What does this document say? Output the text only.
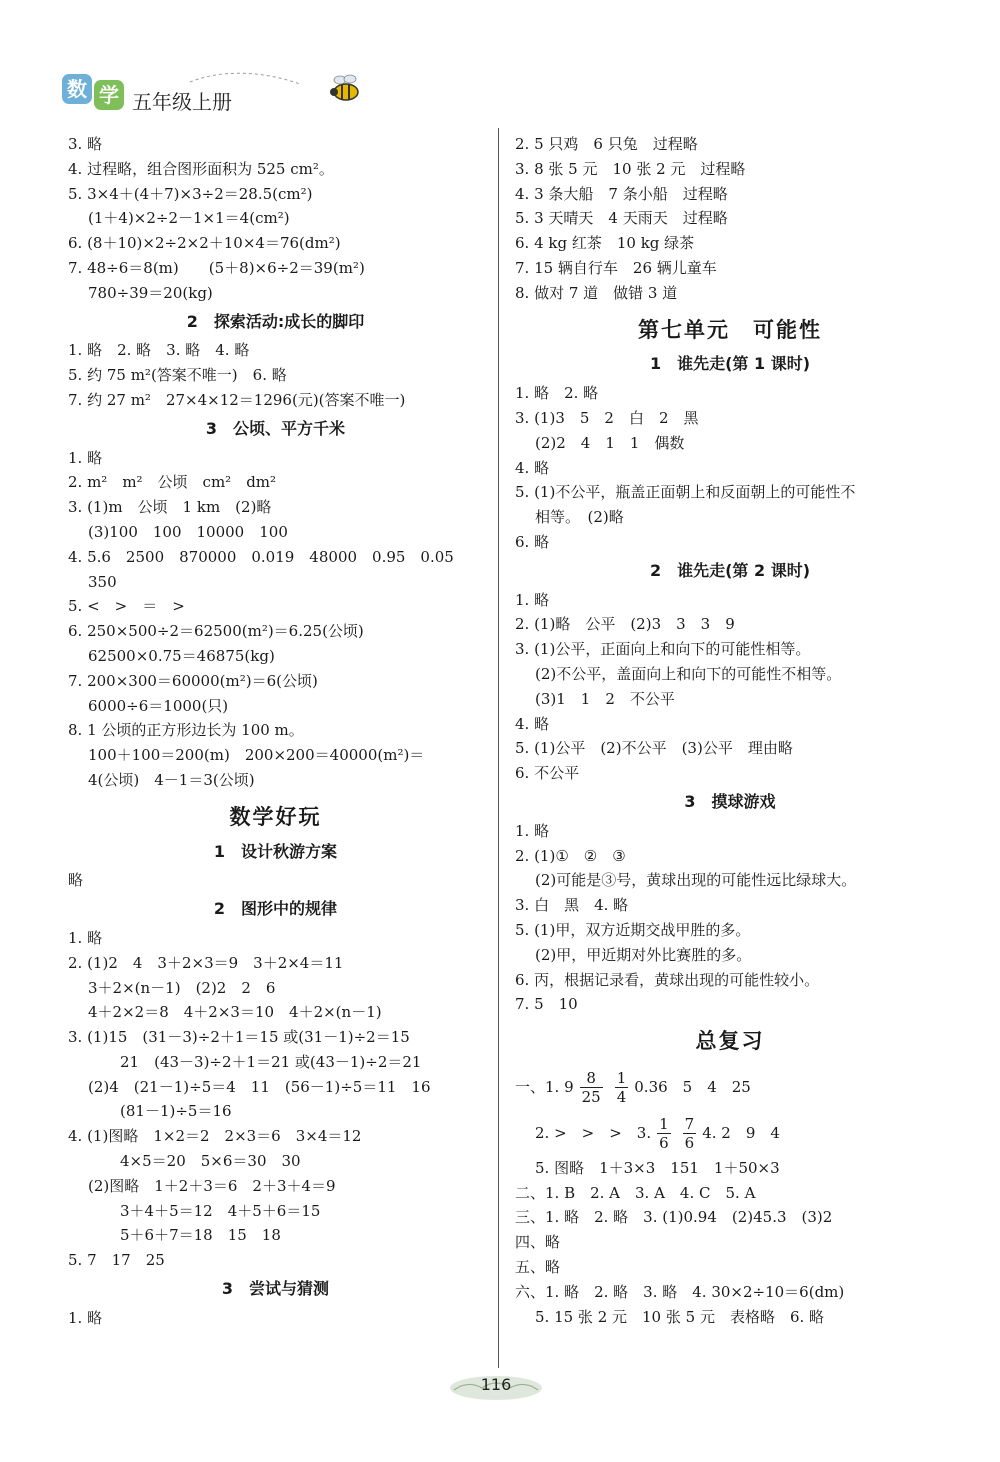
数 学 五年级上册
3. 略
4. 过程略，组合图形面积为 525 cm²。
5. 3×4＋(4＋7)×3÷2＝28.5(cm²)
(1＋4)×2÷2－1×1＝4(cm²)
6. (8＋10)×2÷2×2＋10×4＝76(dm²)
7. 48÷6＝8(m)　　(5＋8)×6÷2＝39(m²)
780÷39＝20(kg)
2　探索活动:成长的脚印
1. 略　2. 略　3. 略　4. 略
5. 约 75 m²(答案不唯一)　6. 略
7. 约 27 m²　27×4×12＝1296(元)(答案不唯一)
3　公顷、平方千米
1. 略
2. m²　m²　公顷　cm²　dm²
3. (1)m　公顷　1 km　(2)略
(3)100　100　10000　100
4. 5.6　2500　870000　0.019　48000　0.95　0.05
350
5. <　>　＝　>
6. 250×500÷2＝62500(m²)＝6.25(公顷)
62500×0.75＝46875(kg)
7. 200×300＝60000(m²)＝6(公顷)
6000÷6＝1000(只)
8. 1 公顷的正方形边长为 100 m。
100＋100＝200(m)　200×200＝40000(m²)＝
4(公顷)　4－1＝3(公顷)
数学好玩
1　设计秋游方案
略
2　图形中的规律
1. 略
2. (1)2　4　3＋2×3＝9　3＋2×4＝11
3＋2×(n－1)　(2)2　2　6
4＋2×2＝8　4＋2×3＝10　4＋2×(n－1)
3. (1)15　(31－3)÷2＋1＝15 或(31－1)÷2＝15
21　(43－3)÷2＋1＝21 或(43－1)÷2＝21
(2)4　(21－1)÷5＝4　11　(56－1)÷5＝11　16
(81－1)÷5＝16
4. (1)图略　1×2＝2　2×3＝6　3×4＝12
4×5＝20　5×6＝30　30
(2)图略　1＋2＋3＝6　2＋3＋4＝9
3＋4＋5＝12　4＋5＋6＝15
5＋6＋7＝18　15　18
5. 7　17　25
3　尝试与猜测
1. 略
2. 5 只鸡　6 只兔　过程略
3. 8 张 5 元　10 张 2 元　过程略
4. 3 条大船　7 条小船　过程略
5. 3 天晴天　4 天雨天　过程略
6. 4 kg 红茶　10 kg 绿茶
7. 15 辆自行车　26 辆儿童车
8. 做对 7 道　做错 3 道
第七单元　可能性
1　谁先走(第 1 课时)
1. 略　2. 略
3. (1)3　5　2　白　2　黑
(2)2　4　1　1　偶数
4. 略
5. (1)不公平，瓶盖正面朝上和反面朝上的可能性不
相等。　(2)略
6. 略
2　谁先走(第 2 课时)
1. 略
2. (1)略　公平　(2)3　3　3　9
3. (1)公平，正面向上和向下的可能性相等。
(2)不公平，盖面向上和向下的可能性不相等。
(3)1　1　2　不公平
4. 略
5. (1)公平　(2)不公平　(3)公平　理由略
6. 不公平
3　摸球游戏
1. 略
2. (1)①　②　③
(2)可能是③号，黄球出现的可能性远比绿球大。
3. 白　黑　4. 略
5. (1)甲，双方近期交战甲胜的多。
(2)甲，甲近期对外比赛胜的多。
6. 丙，根据记录看，黄球出现的可能性较小。
7. 5　10
总复习
一、1. $9 \frac{8}{25} \frac{1}{4} 0.36$　5　4　25
2. >　>　>　3. $\frac{1}{6} \frac{7}{6} 4$. 2　9　4
5. 图略　1＋3×3　151　1＋50×3
二、1. B　2. A　3. A　4. C　5. A
三、1. 略　2. 略　3. (1)0.94　(2)45.3　(3)2
四、略
五、略
六、1. 略　2. 略　3. 略　4. 30×2÷10＝6(dm)
5. 15 张 2 元　10 张 5 元　表格略　6. 略
116
